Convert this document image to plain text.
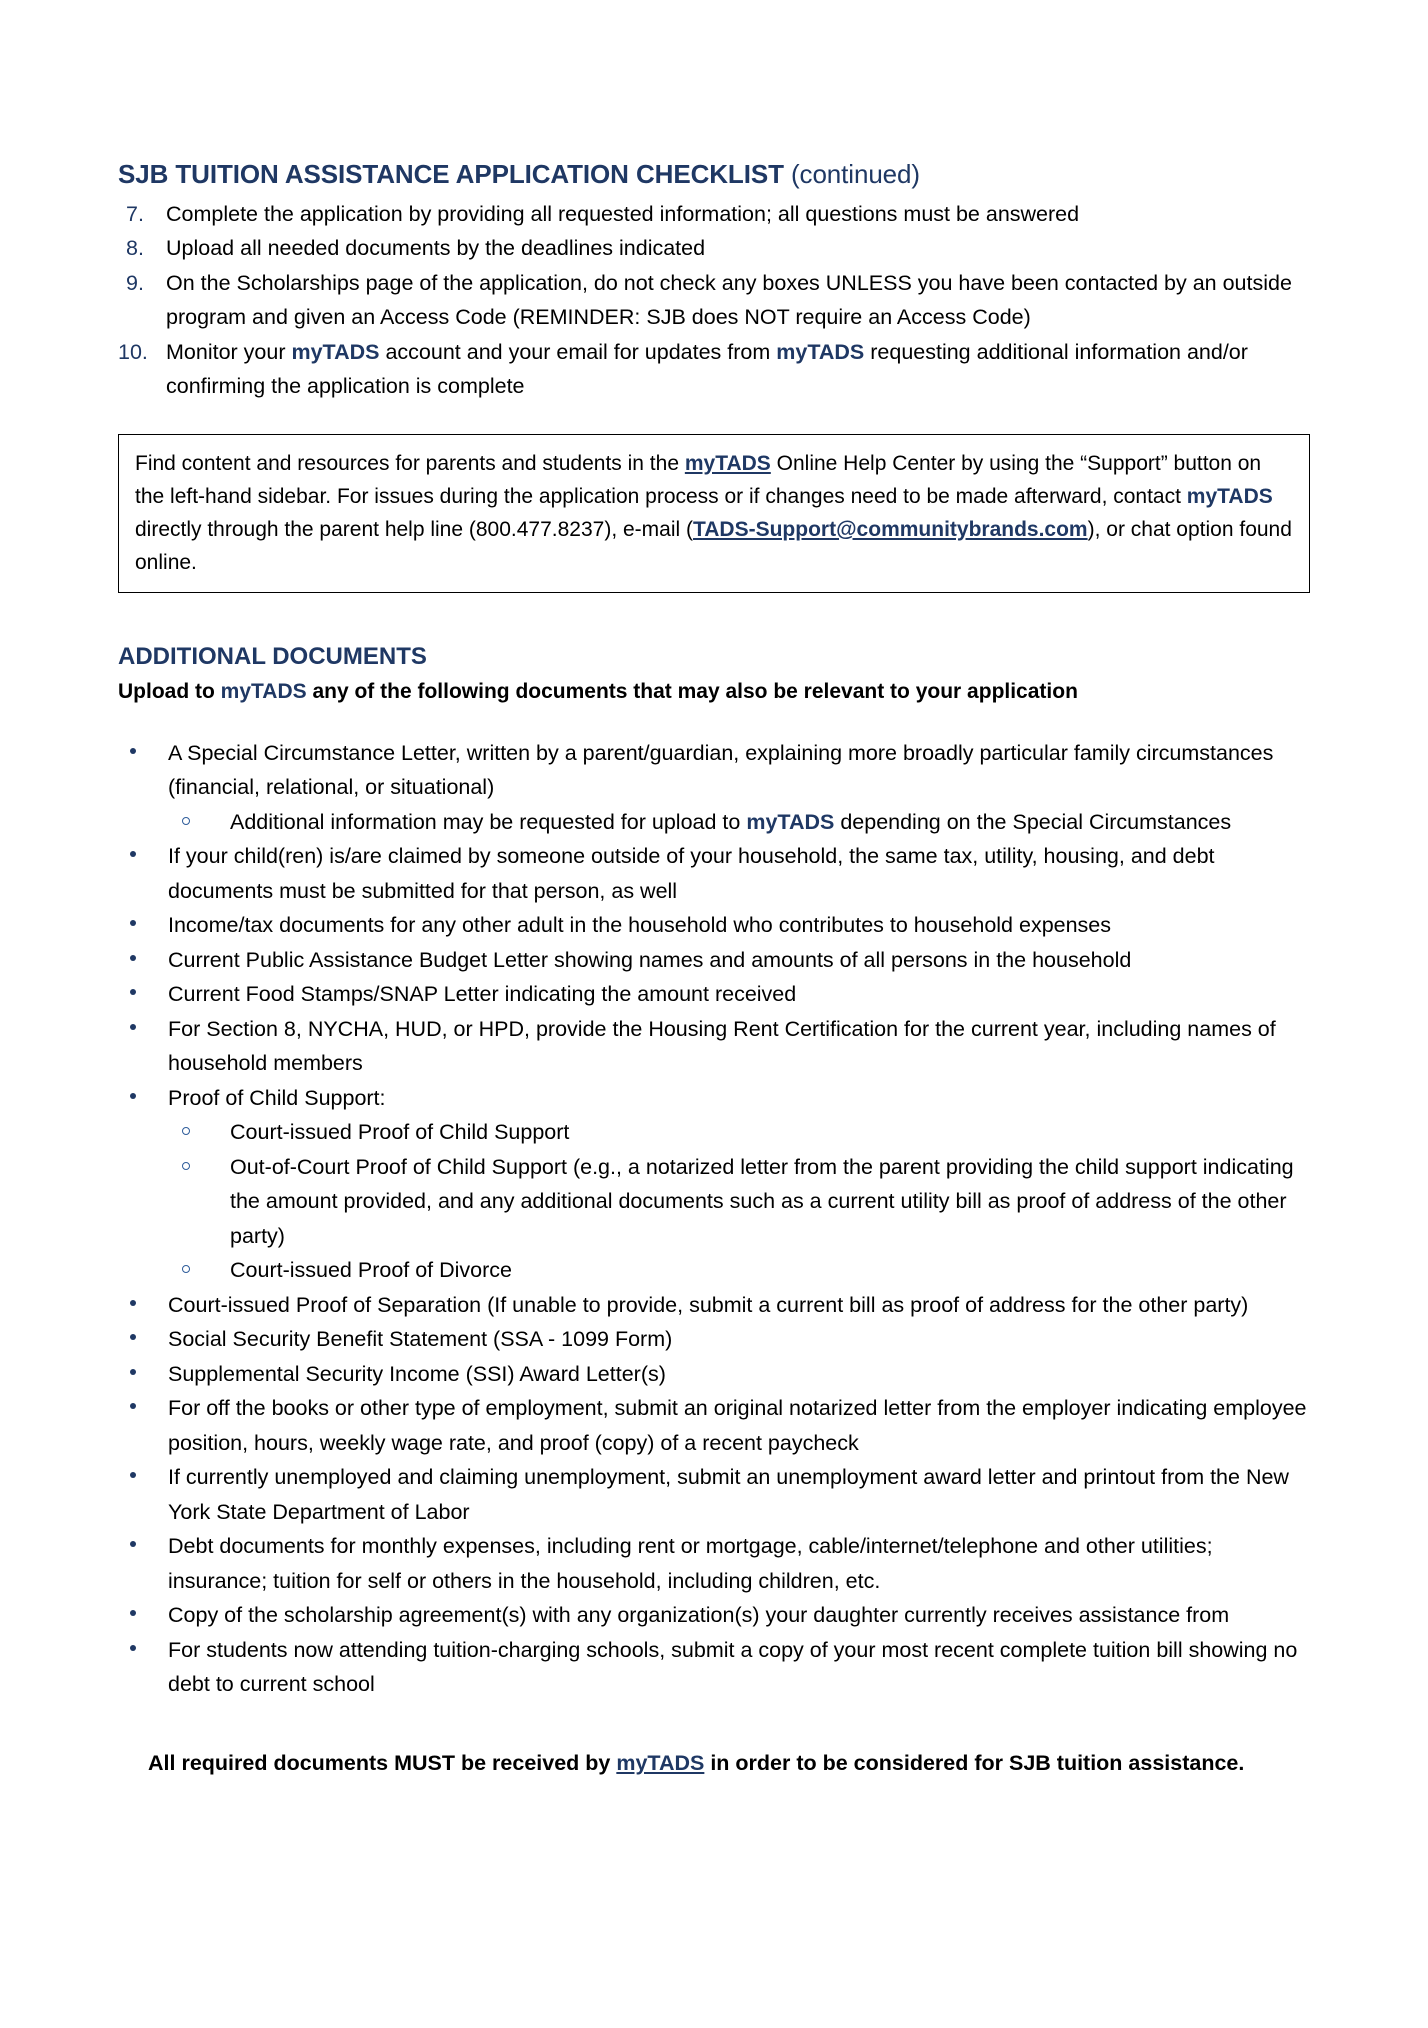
SJB TUITION ASSISTANCE APPLICATION CHECKLIST (continued)
7.	Complete the application by providing all requested information; all questions must be answered
8.	Upload all needed documents by the deadlines indicated
9.	On the Scholarships page of the application, do not check any boxes UNLESS you have been contacted by an outside program and given an Access Code (REMINDER: SJB does NOT require an Access Code)
10. Monitor your myTADS account and your email for updates from myTADS requesting additional information and/or confirming the application is complete
Find content and resources for parents and students in the myTADS Online Help Center by using the “Support” button on the left-hand sidebar. For issues during the application process or if changes need to be made afterward, contact myTADS directly through the parent help line (800.477.8237), e-mail (TADS-Support@communitybrands.com), or chat option found online.
ADDITIONAL DOCUMENTS
Upload to myTADS any of the following documents that may also be relevant to your application
A Special Circumstance Letter, written by a parent/guardian, explaining more broadly particular family circumstances (financial, relational, or situational)
Additional information may be requested for upload to myTADS depending on the Special Circumstances
If your child(ren) is/are claimed by someone outside of your household, the same tax, utility, housing, and debt documents must be submitted for that person, as well
Income/tax documents for any other adult in the household who contributes to household expenses
Current Public Assistance Budget Letter showing names and amounts of all persons in the household
Current Food Stamps/SNAP Letter indicating the amount received
For Section 8, NYCHA, HUD, or HPD, provide the Housing Rent Certification for the current year, including names of household members
Proof of Child Support:
Court-issued Proof of Child Support
Out-of-Court Proof of Child Support (e.g., a notarized letter from the parent providing the child support indicating the amount provided, and any additional documents such as a current utility bill as proof of address of the other party)
Court-issued Proof of Divorce
Court-issued Proof of Separation (If unable to provide, submit a current bill as proof of address for the other party)
Social Security Benefit Statement (SSA - 1099 Form)
Supplemental Security Income (SSI) Award Letter(s)
For off the books or other type of employment, submit an original notarized letter from the employer indicating employee position, hours, weekly wage rate, and proof (copy) of a recent paycheck
If currently unemployed and claiming unemployment, submit an unemployment award letter and printout from the New York State Department of Labor
Debt documents for monthly expenses, including rent or mortgage, cable/internet/telephone and other utilities; insurance; tuition for self or others in the household, including children, etc.
Copy of the scholarship agreement(s) with any organization(s) your daughter currently receives assistance from
For students now attending tuition-charging schools, submit a copy of your most recent complete tuition bill showing no debt to current school
All required documents MUST be received by myTADS in order to be considered for SJB tuition assistance.
